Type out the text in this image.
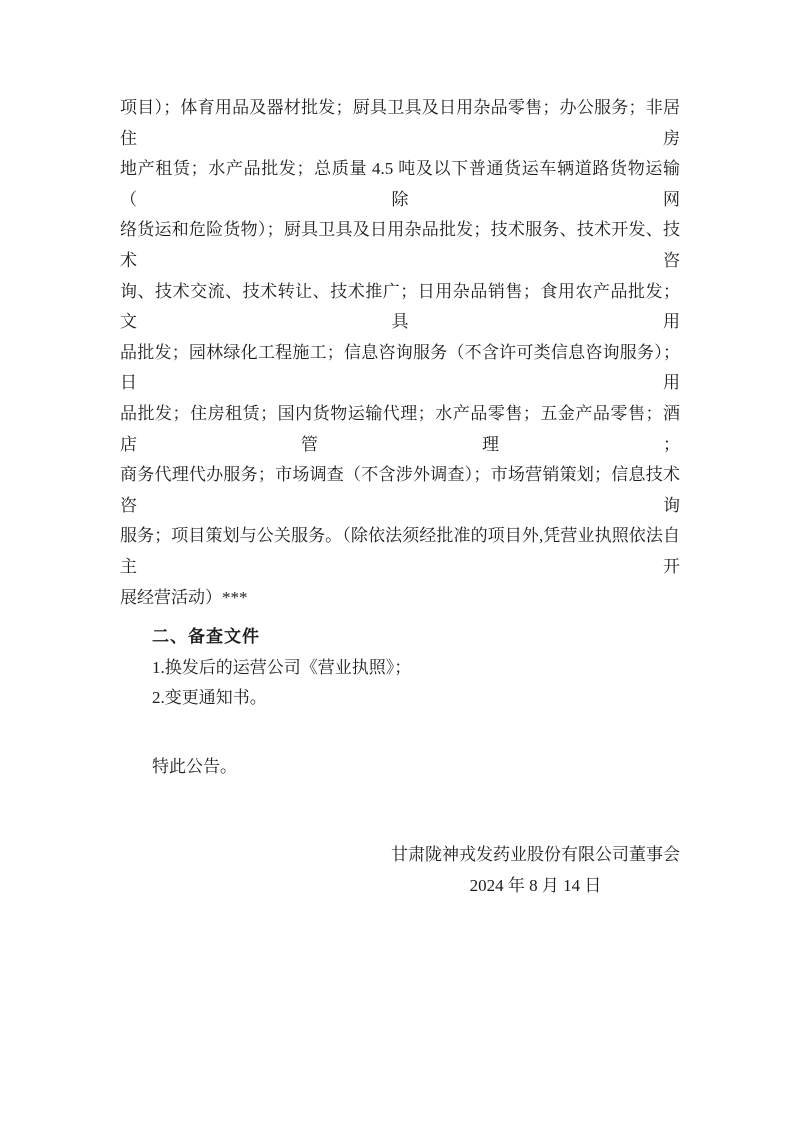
项目）；体育用品及器材批发；厨具卫具及日用杂品零售；办公服务；非居住房
地产租赁；水产品批发；总质量 4.5 吨及以下普通货运车辆道路货物运输（除网
络货运和危险货物）；厨具卫具及日用杂品批发；技术服务、技术开发、技术咨
询、技术交流、技术转让、技术推广；日用杂品销售；食用农产品批发；文具用
品批发；园林绿化工程施工；信息咨询服务（不含许可类信息咨询服务）；日用
品批发；住房租赁；国内货物运输代理；水产品零售；五金产品零售；酒店管理；
商务代理代办服务；市场调查（不含涉外调查）；市场营销策划；信息技术咨询
服务；项目策划与公关服务。（除依法须经批准的项目外,凭营业执照依法自主开
展经营活动）***
二、备查文件
1.换发后的运营公司《营业执照》；
2.变更通知书。
特此公告。
甘肃陇神戎发药业股份有限公司董事会
2024 年 8 月 14 日
